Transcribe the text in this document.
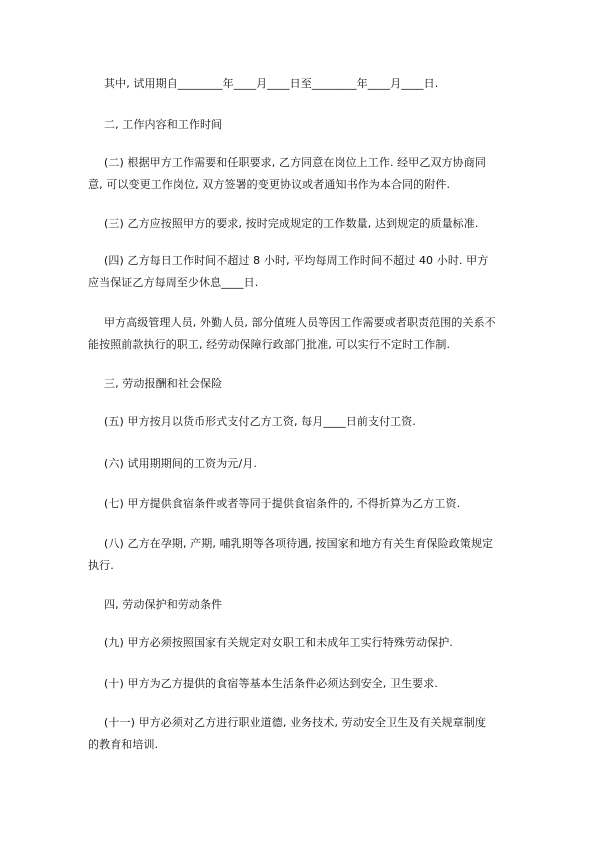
其中, 试用期自________年____月____日至________年____月____日.

二, 工作内容和工作时间

(二) 根据甲方工作需要和任职要求, 乙方同意在岗位上工作. 经甲乙双方协商同意, 可以变更工作岗位, 双方签署的变更协议或者通知书作为本合同的附件.

(三) 乙方应按照甲方的要求, 按时完成规定的工作数量, 达到规定的质量标准.

(四) 乙方每日工作时间不超过 8 小时, 平均每周工作时间不超过 40 小时. 甲方应当保证乙方每周至少休息____日.

甲方高级管理人员, 外勤人员, 部分值班人员等因工作需要或者职责范围的关系不能按照前款执行的职工, 经劳动保障行政部门批准, 可以实行不定时工作制.

三, 劳动报酬和社会保险

(五) 甲方按月以货币形式支付乙方工资, 每月____日前支付工资.

(六) 试用期期间的工资为元/月.

(七) 甲方提供食宿条件或者等同于提供食宿条件的, 不得折算为乙方工资.

(八) 乙方在孕期, 产期, 哺乳期等各项待遇, 按国家和地方有关生育保险政策规定执行.

四, 劳动保护和劳动条件

(九) 甲方必须按照国家有关规定对女职工和未成年工实行特殊劳动保护.

(十) 甲方为乙方提供的食宿等基本生活条件必须达到安全, 卫生要求.

(十一) 甲方必须对乙方进行职业道德, 业务技术, 劳动安全卫生及有关规章制度的教育和培训.
